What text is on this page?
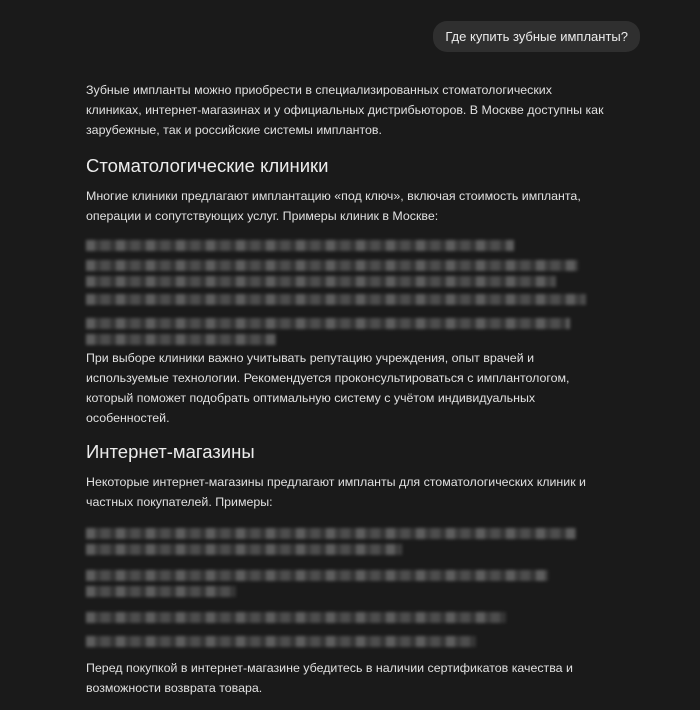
Где купить зубные импланты?

Зубные импланты можно приобрести в специализированных стоматологических клиниках, интернет-магазинах и у официальных дистрибьюторов. В Москве доступны как зарубежные, так и российские системы имплантов.

Стоматологические клиники

Многие клиники предлагают имплантацию «под ключ», включая стоимость импланта, операции и сопутствующих услуг. Примеры клиник в Москве:

При выборе клиники важно учитывать репутацию учреждения, опыт врачей и используемые технологии. Рекомендуется проконсультироваться с имплантологом, который поможет подобрать оптимальную систему с учётом индивидуальных особенностей.

Интернет-магазины

Некоторые интернет-магазины предлагают импланты для стоматологических клиник и частных покупателей. Примеры:

Перед покупкой в интернет-магазине убедитесь в наличии сертификатов качества и возможности возврата товара.
